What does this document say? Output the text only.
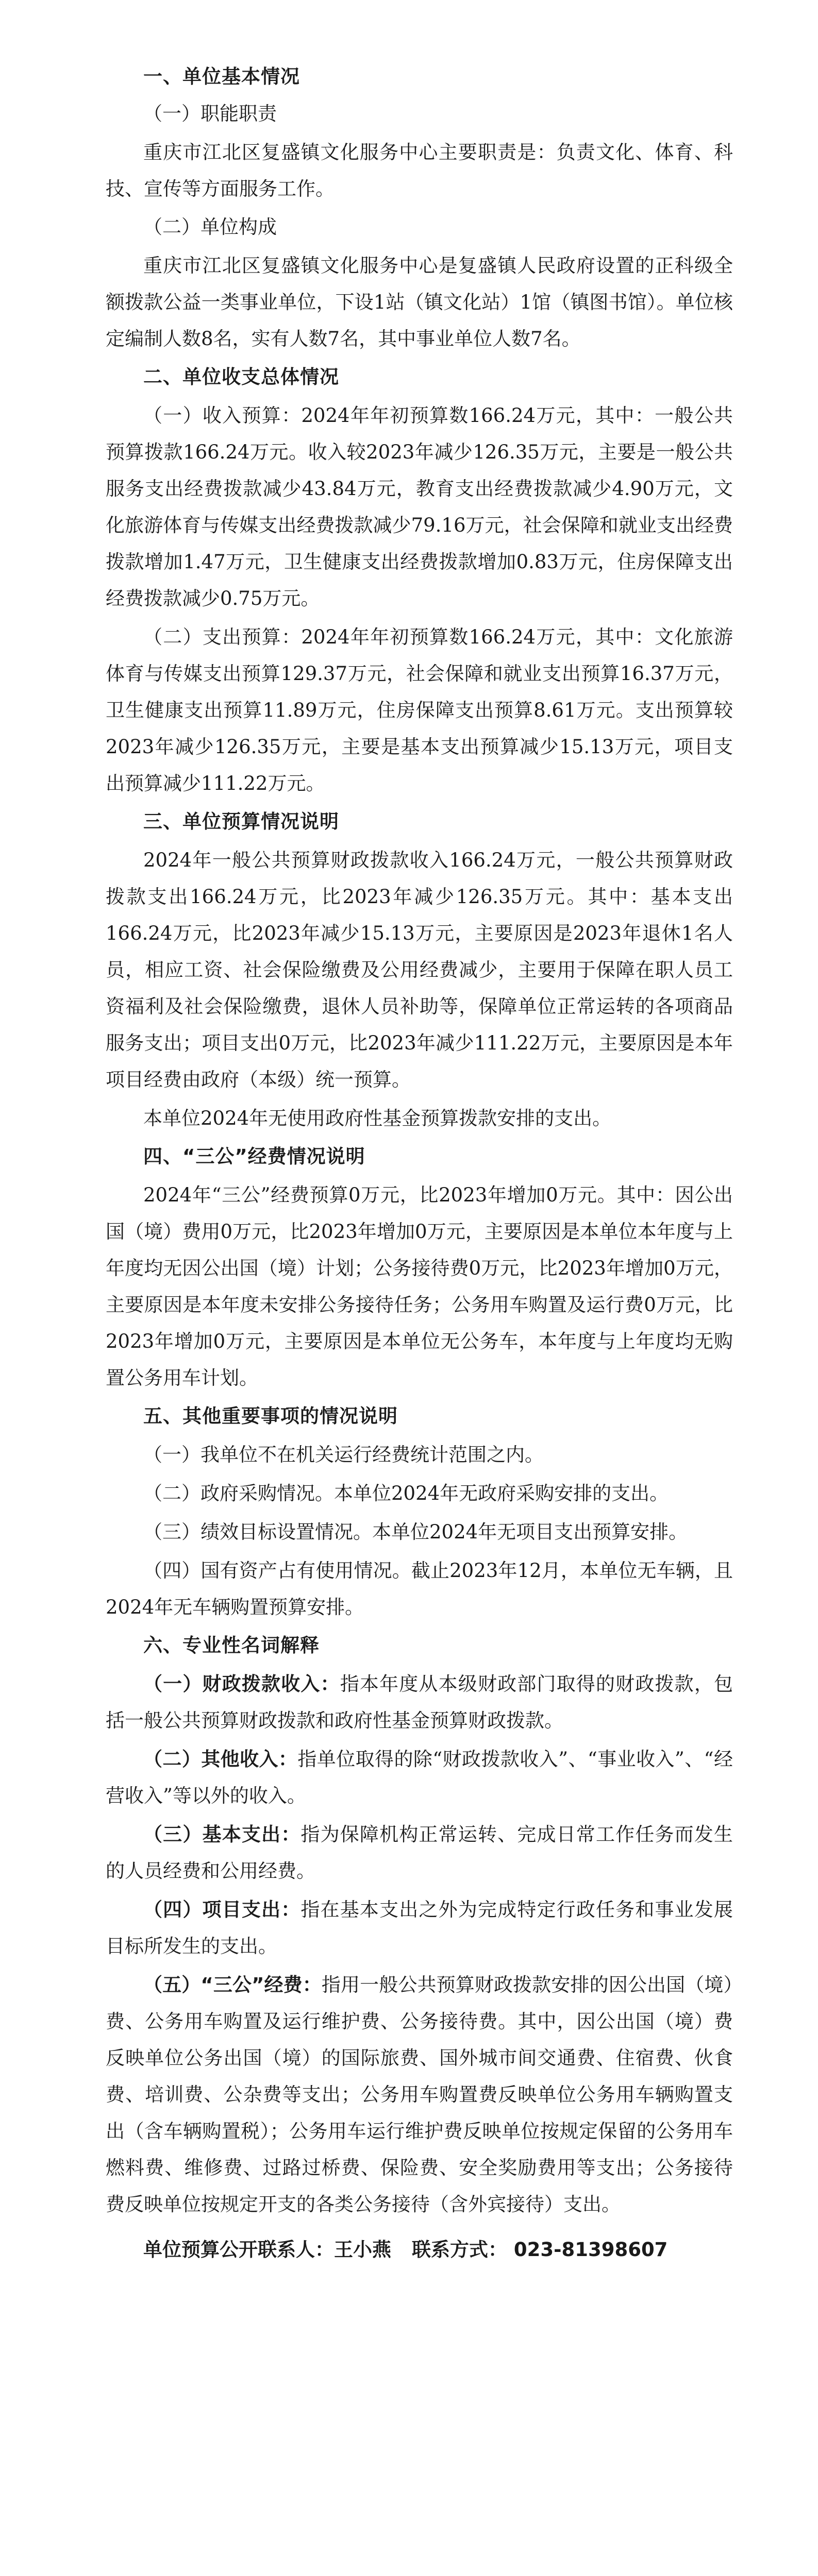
一、单位基本情况
（一）职能职责
重庆市江北区复盛镇文化服务中心主要职责是：负责文化、体育、科技、宣传等方面服务工作。
（二）单位构成
重庆市江北区复盛镇文化服务中心是复盛镇人民政府设置的正科级全额拨款公益一类事业单位，下设1站（镇文化站）1馆（镇图书馆）。单位核定编制人数8名，实有人数7名，其中事业单位人数7名。
二、单位收支总体情况
（一）收入预算：2024年年初预算数166.24万元，其中：一般公共预算拨款166.24万元。收入较2023年减少126.35万元，主要是一般公共服务支出经费拨款减少43.84万元，教育支出经费拨款减少4.90万元，文化旅游体育与传媒支出经费拨款减少79.16万元，社会保障和就业支出经费拨款增加1.47万元，卫生健康支出经费拨款增加0.83万元，住房保障支出经费拨款减少0.75万元。
（二）支出预算：2024年年初预算数166.24万元，其中：文化旅游体育与传媒支出预算129.37万元，社会保障和就业支出预算16.37万元，卫生健康支出预算11.89万元，住房保障支出预算8.61万元。支出预算较2023年减少126.35万元，主要是基本支出预算减少15.13万元，项目支出预算减少111.22万元。
三、单位预算情况说明
2024年一般公共预算财政拨款收入166.24万元，一般公共预算财政拨款支出166.24万元，比2023年减少126.35万元。其中：基本支出166.24万元，比2023年减少15.13万元，主要原因是2023年退休1名人员，相应工资、社会保险缴费及公用经费减少，主要用于保障在职人员工资福利及社会保险缴费，退休人员补助等，保障单位正常运转的各项商品服务支出；项目支出0万元，比2023年减少111.22万元，主要原因是本年项目经费由政府（本级）统一预算。
本单位2024年无使用政府性基金预算拨款安排的支出。
四、“三公”经费情况说明
2024年“三公”经费预算0万元，比2023年增加0万元。其中：因公出国（境）费用0万元，比2023年增加0万元，主要原因是本单位本年度与上年度均无因公出国（境）计划；公务接待费0万元，比2023年增加0万元，主要原因是本年度未安排公务接待任务；公务用车购置及运行费0万元，比2023年增加0万元，主要原因是本单位无公务车，本年度与上年度均无购置公务用车计划。
五、其他重要事项的情况说明
（一）我单位不在机关运行经费统计范围之内。
（二）政府采购情况。本单位2024年无政府采购安排的支出。
（三）绩效目标设置情况。本单位2024年无项目支出预算安排。
（四）国有资产占有使用情况。截止2023年12月，本单位无车辆，且2024年无车辆购置预算安排。
六、专业性名词解释
（一）财政拨款收入：指本年度从本级财政部门取得的财政拨款，包括一般公共预算财政拨款和政府性基金预算财政拨款。
（二）其他收入：指单位取得的除“财政拨款收入”、“事业收入”、“经营收入”等以外的收入。
（三）基本支出：指为保障机构正常运转、完成日常工作任务而发生的人员经费和公用经费。
（四）项目支出：指在基本支出之外为完成特定行政任务和事业发展目标所发生的支出。
（五）“三公”经费：指用一般公共预算财政拨款安排的因公出国（境）费、公务用车购置及运行维护费、公务接待费。其中，因公出国（境）费反映单位公务出国（境）的国际旅费、国外城市间交通费、住宿费、伙食费、培训费、公杂费等支出；公务用车购置费反映单位公务用车辆购置支出（含车辆购置税）；公务用车运行维护费反映单位按规定保留的公务用车燃料费、维修费、过路过桥费、保险费、安全奖励费用等支出；公务接待费反映单位按规定开支的各类公务接待（含外宾接待）支出。
单位预算公开联系人：王小燕 联系方式： 023-81398607
